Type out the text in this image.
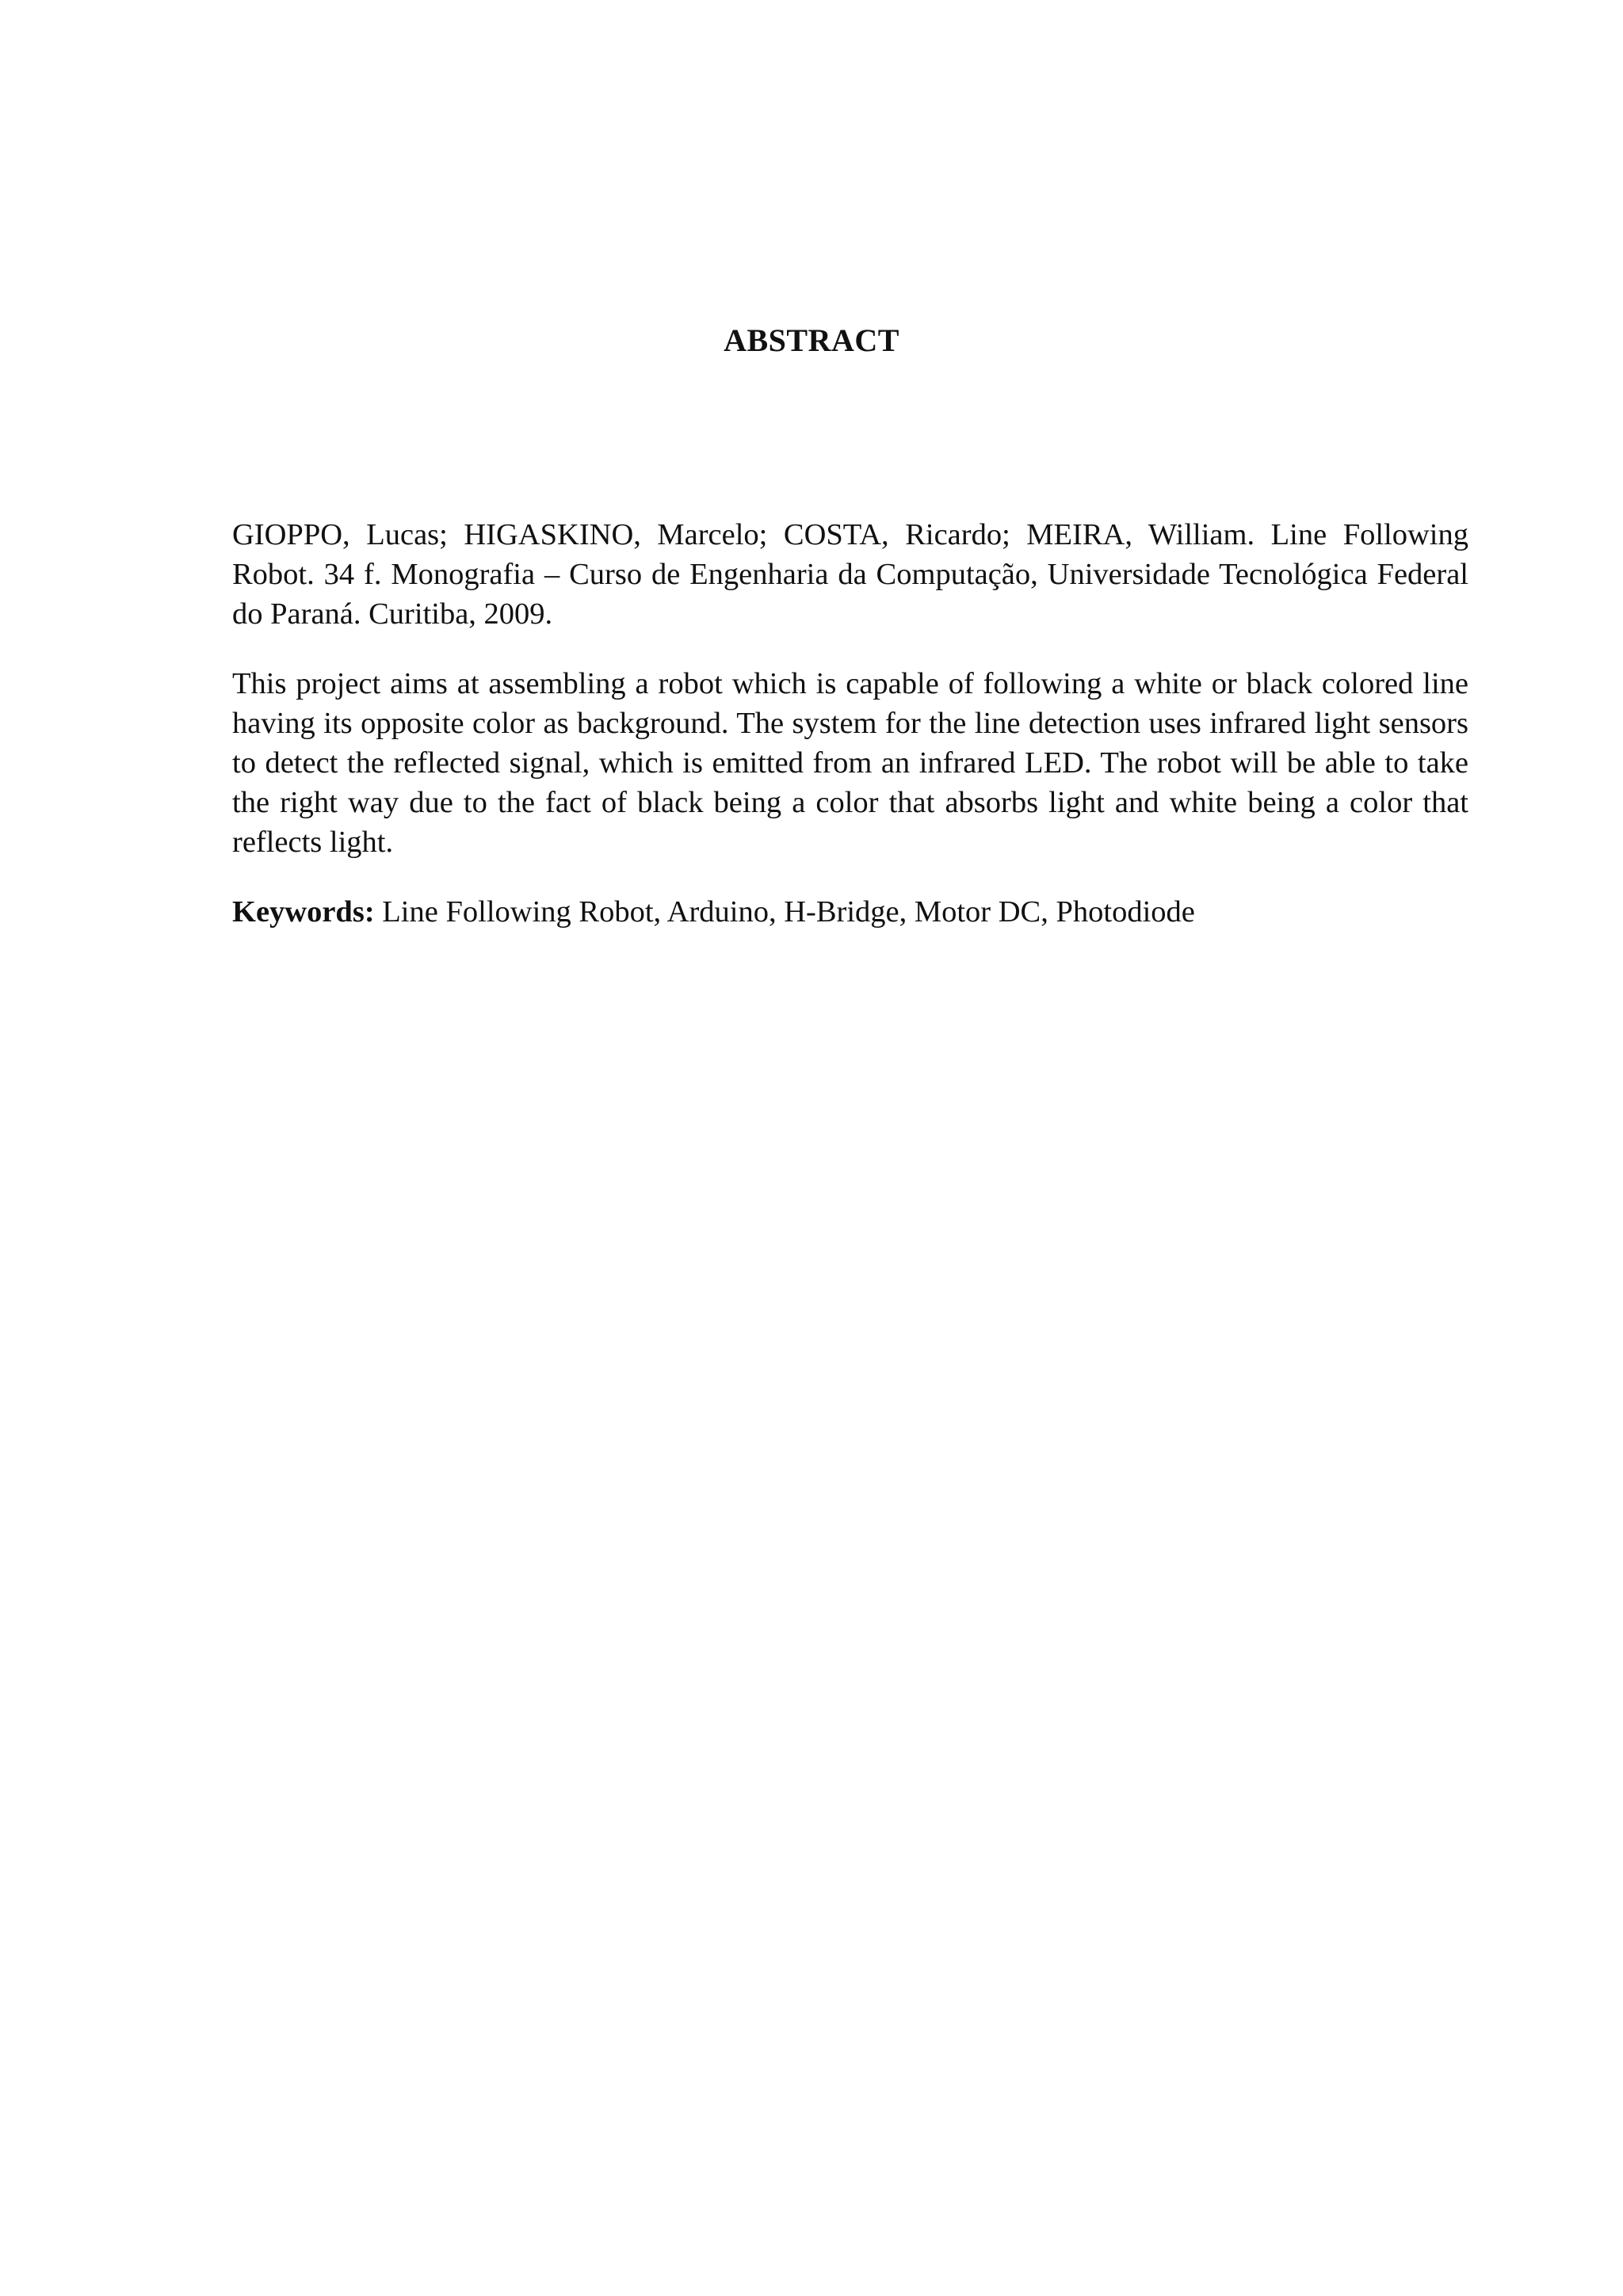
ABSTRACT

GIOPPO, Lucas; HIGASKINO, Marcelo; COSTA, Ricardo; MEIRA, William. Line Following Robot. 34 f. Monografia – Curso de Engenharia da Computação, Universidade Tecnológica Federal do Paraná. Curitiba, 2009.

This project aims at assembling a robot which is capable of following a white or black colored line having its opposite color as background. The system for the line detection uses infrared light sensors to detect the reflected signal, which is emitted from an infrared LED. The robot will be able to take the right way due to the fact of black being a color that absorbs light and white being a color that reflects light.

Keywords: Line Following Robot, Arduino, H-Bridge, Motor DC, Photodiode
